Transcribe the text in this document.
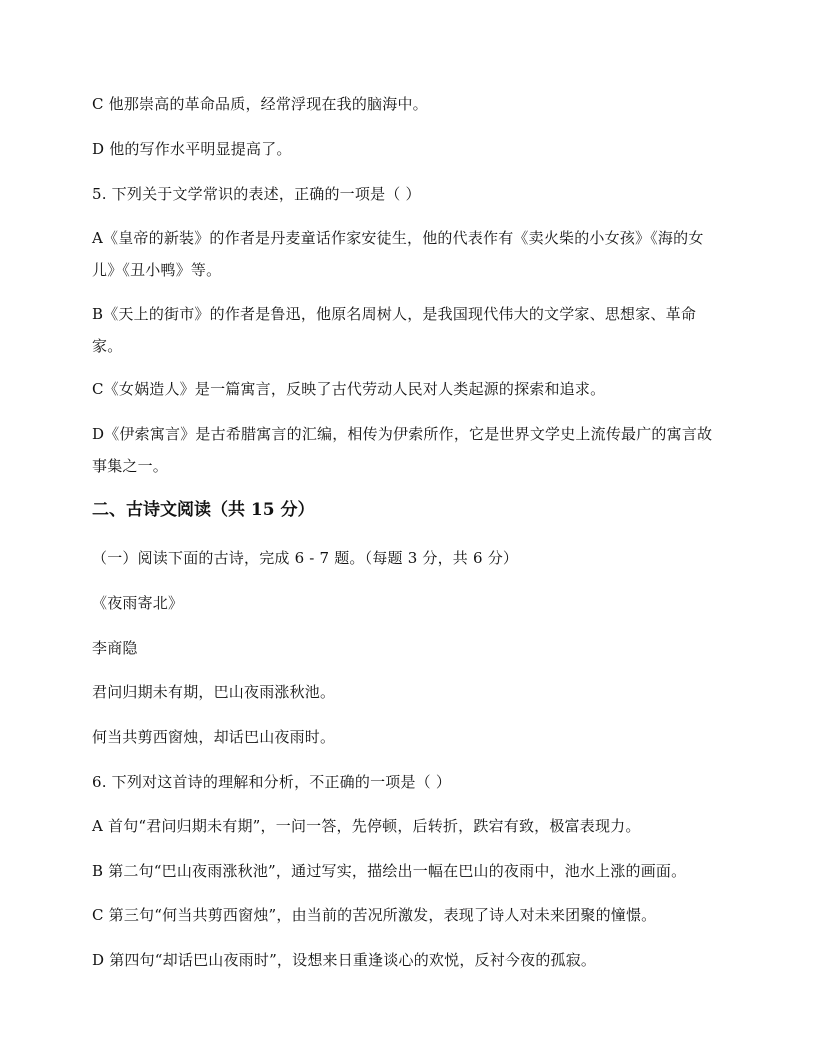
C 他那崇高的革命品质，经常浮现在我的脑海中。
D 他的写作水平明显提高了。
5. 下列关于文学常识的表述，正确的一项是（ ）
A《皇帝的新装》的作者是丹麦童话作家安徒生，他的代表作有《卖火柴的小女孩》《海的女儿》《丑小鸭》等。
B《天上的街市》的作者是鲁迅，他原名周树人，是我国现代伟大的文学家、思想家、革命家。
C《女娲造人》是一篇寓言，反映了古代劳动人民对人类起源的探索和追求。
D《伊索寓言》是古希腊寓言的汇编，相传为伊索所作，它是世界文学史上流传最广的寓言故事集之一。
二、古诗文阅读（共 15 分）
（一）阅读下面的古诗，完成 6 - 7 题。（每题 3 分，共 6 分）
《夜雨寄北》
李商隐
君问归期未有期，巴山夜雨涨秋池。
何当共剪西窗烛，却话巴山夜雨时。
6. 下列对这首诗的理解和分析，不正确的一项是（ ）
A 首句“君问归期未有期”，一问一答，先停顿，后转折，跌宕有致，极富表现力。
B 第二句“巴山夜雨涨秋池”，通过写实，描绘出一幅在巴山的夜雨中，池水上涨的画面。
C 第三句“何当共剪西窗烛”，由当前的苦况所激发，表现了诗人对未来团聚的憧憬。
D 第四句“却话巴山夜雨时”，设想来日重逢谈心的欢悦，反衬今夜的孤寂。
